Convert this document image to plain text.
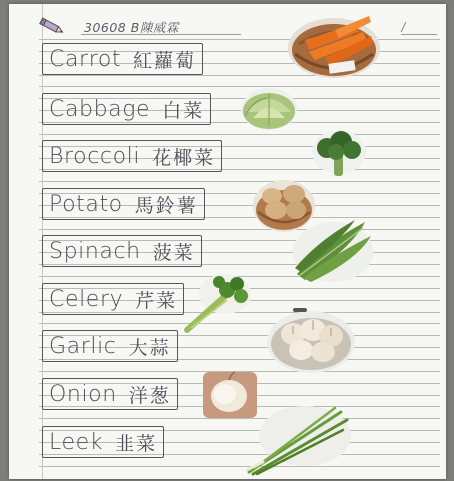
30608 B陳威霖
Carrot 紅蘿蔔
Cabbage 白菜
Broccoli 花椰菜
Potato 馬鈴薯
Spinach 菠菜
Celery 芹菜
Garlic 大蒜
Onion 洋葱
Leek 韭菜
